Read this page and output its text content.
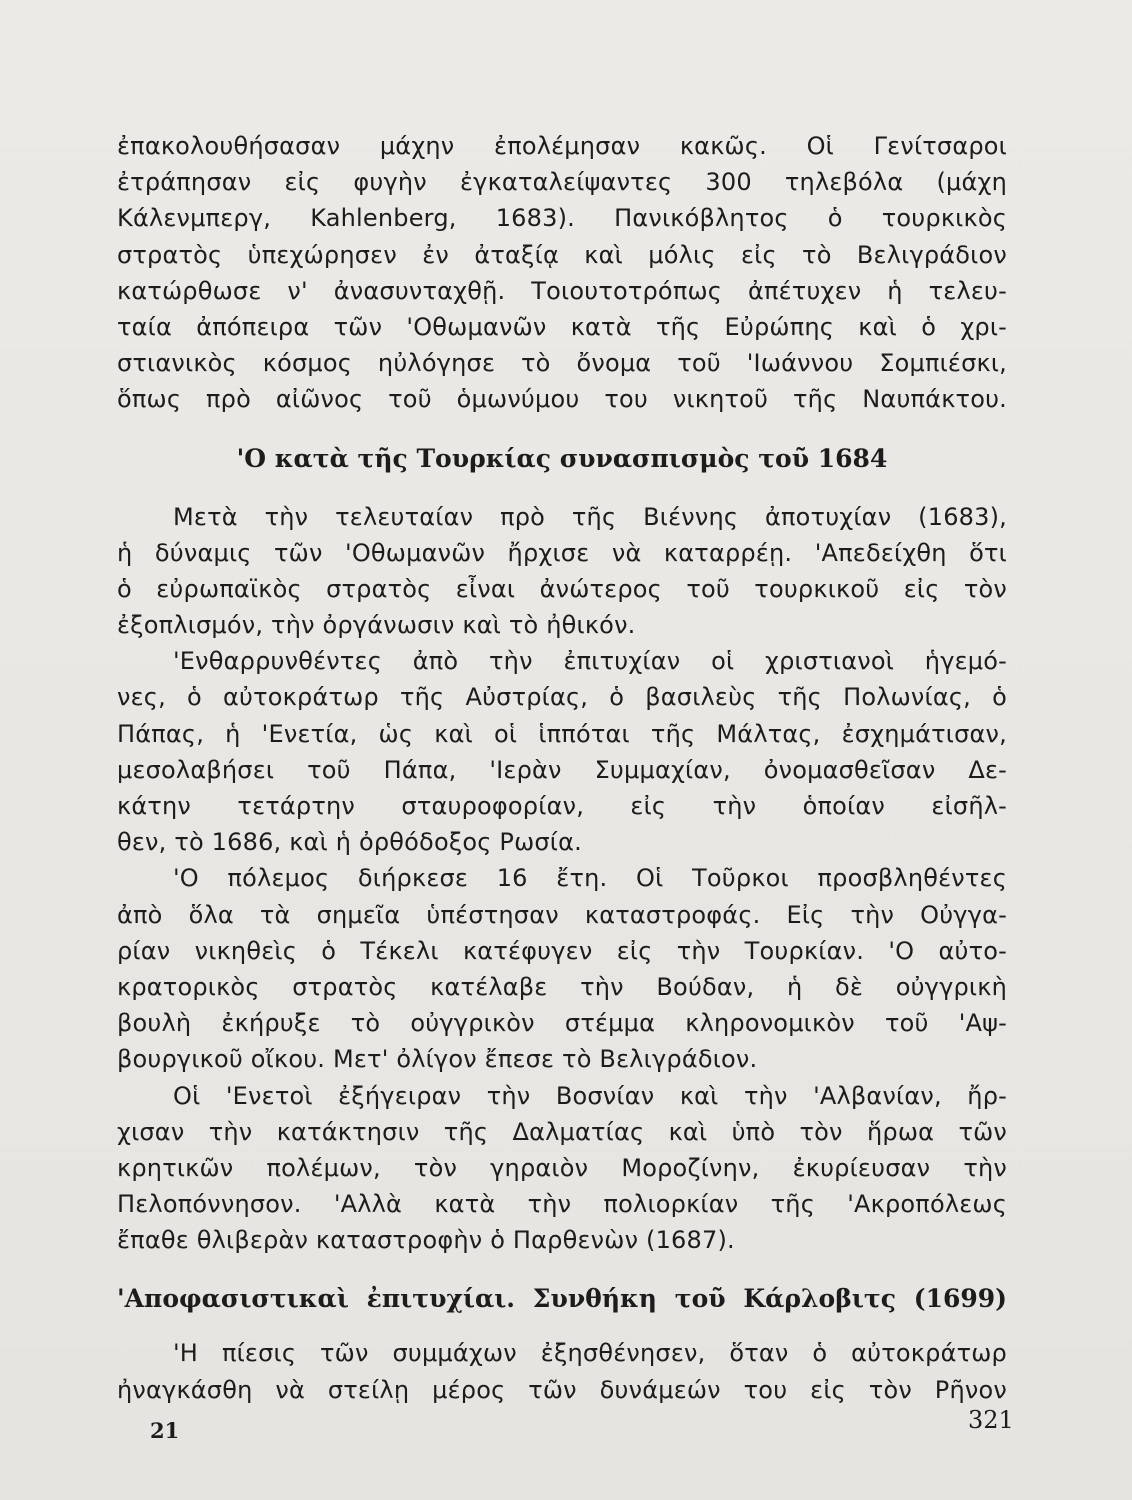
ἐπακολουθήσασαν μάχην ἐπολέμησαν κακῶς. Οἱ Γενίτσαροι
ἐτράπησαν εἰς φυγὴν ἐγκαταλείψαντες 300 τηλεβόλα (μάχη
Κάλενμπεργ, Kahlenberg, 1683). Πανικόβλητος ὁ τουρκικὸς
στρατὸς ὑπεχώρησεν ἐν ἀταξίᾳ καὶ μόλις εἰς τὸ Βελιγράδιον
κατώρθωσε ν' ἀνασυνταχθῇ. Τοιουτοτρόπως ἀπέτυχεν ἡ τελευ-
ταία ἀπόπειρα τῶν 'Οθωμανῶν κατὰ τῆς Εὐρώπης καὶ ὁ χρι-
στιανικὸς κόσμος ηὐλόγησε τὸ ὄνομα τοῦ 'Ιωάννου Σομπιέσκι,
ὅπως πρὸ αἰῶνος τοῦ ὁμωνύμου του νικητοῦ τῆς Ναυπάκτου.
'Ο κατὰ τῆς Τουρκίας συνασπισμὸς τοῦ 1684
Μετὰ τὴν τελευταίαν πρὸ τῆς Βιέννης ἀποτυχίαν (1683),
ἡ δύναμις τῶν 'Οθωμανῶν ἤρχισε νὰ καταρρέῃ. 'Απεδείχθη ὅτι
ὁ εὐρωπαϊκὸς στρατὸς εἶναι ἀνώτερος τοῦ τουρκικοῦ εἰς τὸν
ἐξοπλισμόν, τὴν ὀργάνωσιν καὶ τὸ ἠθικόν.
'Ενθαρρυνθέντες ἀπὸ τὴν ἐπιτυχίαν οἱ χριστιανοὶ ἡγεμό-
νες, ὁ αὐτοκράτωρ τῆς Αὐστρίας, ὁ βασιλεὺς τῆς Πολωνίας, ὁ
Πάπας, ἡ 'Ενετία, ὡς καὶ οἱ ἱππόται τῆς Μάλτας, ἐσχημάτισαν,
μεσολαβήσει τοῦ Πάπα, 'Ιερὰν Συμμαχίαν, ὀνομασθεῖσαν Δε-
κάτην τετάρτην σταυροφορίαν, εἰς τὴν ὁποίαν εἰσῆλ-
θεν, τὸ 1686, καὶ ἡ ὀρθόδοξος Ρωσία.
'Ο πόλεμος διήρκεσε 16 ἔτη. Οἱ Τοῦρκοι προσβληθέντες
ἀπὸ ὅλα τὰ σημεῖα ὑπέστησαν καταστροφάς. Εἰς τὴν Οὐγγα-
ρίαν νικηθεὶς ὁ Τέκελι κατέφυγεν εἰς τὴν Τουρκίαν. 'Ο αὐτο-
κρατορικὸς στρατὸς κατέλαβε τὴν Βούδαν, ἡ δὲ οὐγγρικὴ
βουλὴ ἐκήρυξε τὸ οὐγγρικὸν στέμμα κληρονομικὸν τοῦ 'Αψ-
βουργικοῦ οἴκου. Μετ' ὀλίγον ἔπεσε τὸ Βελιγράδιον.
Οἱ 'Ενετοὶ ἐξήγειραν τὴν Βοσνίαν καὶ τὴν 'Αλβανίαν, ἤρ-
χισαν τὴν κατάκτησιν τῆς Δαλματίας καὶ ὑπὸ τὸν ἥρωα τῶν
κρητικῶν πολέμων, τὸν γηραιὸν Μοροζίνην, ἐκυρίευσαν τὴν
Πελοπόννησον. 'Αλλὰ κατὰ τὴν πολιορκίαν τῆς 'Ακροπόλεως
ἔπαθε θλιβερὰν καταστροφὴν ὁ Παρθενὼν (1687).
'Αποφασιστικαὶ ἐπιτυχίαι. Συνθήκη τοῦ Κάρλοβιτς (1699)
'Η πίεσις τῶν συμμάχων ἐξησθένησεν, ὅταν ὁ αὐτοκράτωρ
ἠναγκάσθη νὰ στείλῃ μέρος τῶν δυνάμεών του εἰς τὸν Ρῆνον
21	321
